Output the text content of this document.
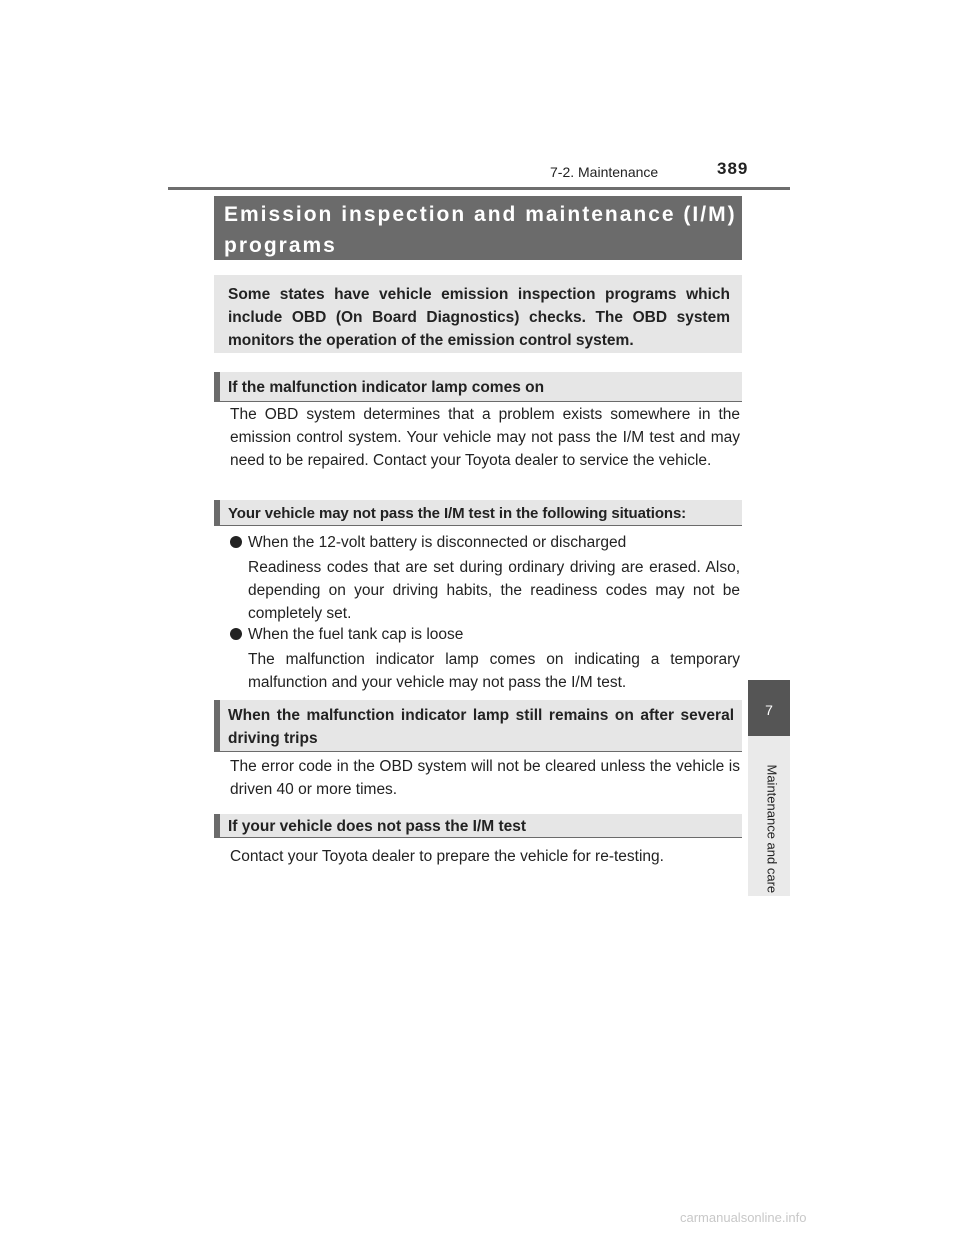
7-2. Maintenance	389
7
Maintenance and care
Emission inspection and maintenance (I/M) programs
Some states have vehicle emission inspection programs which include OBD (On Board Diagnostics) checks. The OBD system monitors the operation of the emission control system.
If the malfunction indicator lamp comes on
The OBD system determines that a problem exists somewhere in the emission control system. Your vehicle may not pass the I/M test and may need to be repaired. Contact your Toyota dealer to service the vehicle.
Your vehicle may not pass the I/M test in the following situations:
When the 12-volt battery is disconnected or discharged
Readiness codes that are set during ordinary driving are erased. Also, depending on your driving habits, the readiness codes may not be completely set.
When the fuel tank cap is loose
The malfunction indicator lamp comes on indicating a temporary malfunction and your vehicle may not pass the I/M test.
When the malfunction indicator lamp still remains on after several driving trips
The error code in the OBD system will not be cleared unless the vehicle is driven 40 or more times.
If your vehicle does not pass the I/M test
Contact your Toyota dealer to prepare the vehicle for re-testing.
carmanualsonline.info
